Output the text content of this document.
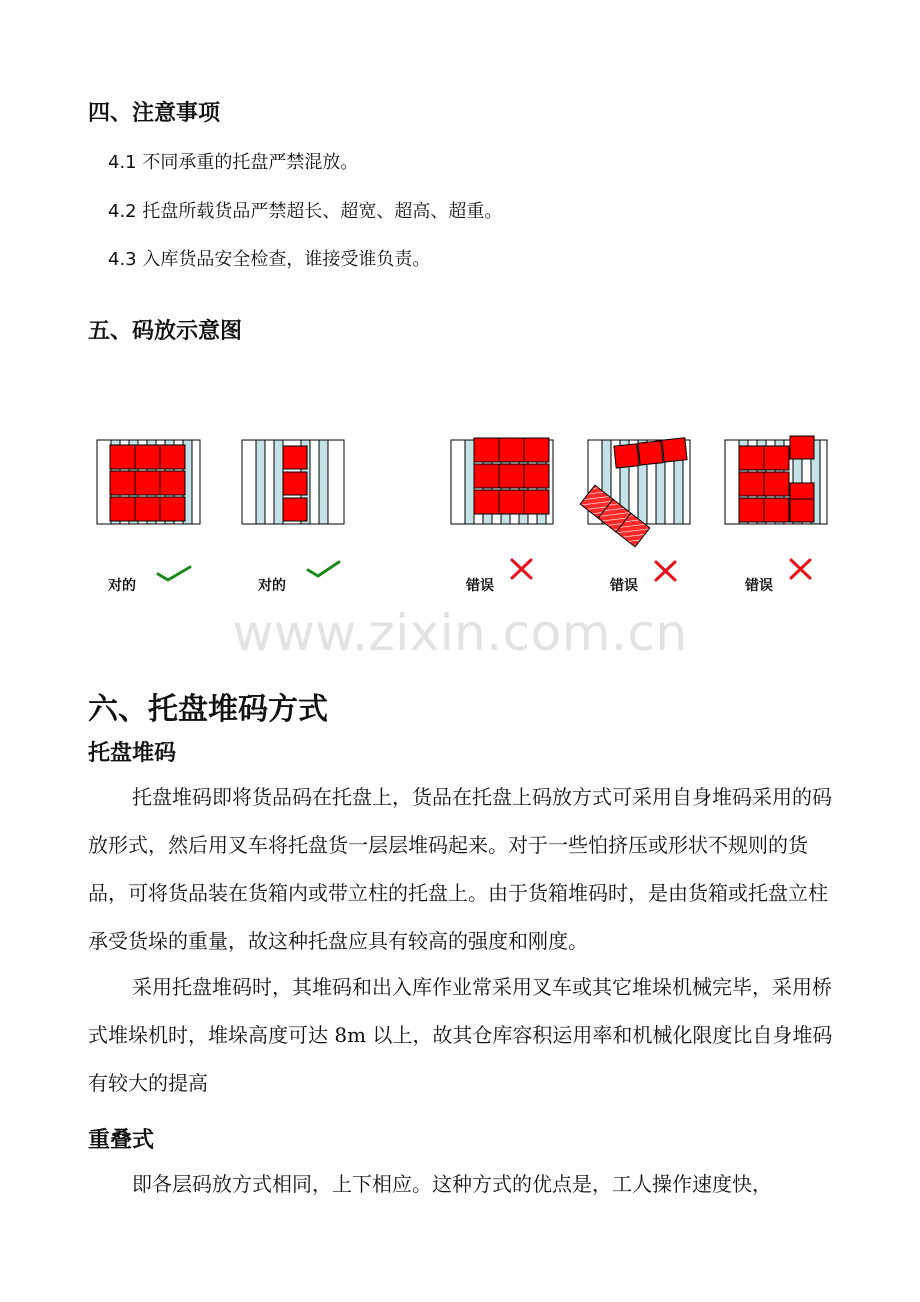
四、注意事项
4.1 不同承重的托盘严禁混放。
4.2 托盘所载货品严禁超长、超宽、超高、超重。
4.3 入库货品安全检查，谁接受谁负责。
五、码放示意图
对的	对的	错误	错误	错误
www.zixin.com.cn
六、托盘堆码方式
托盘堆码

托盘堆码即将货品码在托盘上，货品在托盘上码放方式可采用自身堆码采用的码放形式，然后用叉车将托盘货一层层堆码起来。对于一些怕挤压或形状不规则的货品，可将货品装在货箱内或带立柱的托盘上。由于货箱堆码时，是由货箱或托盘立柱承受货垛的重量，故这种托盘应具有较高的强度和刚度。

采用托盘堆码时，其堆码和出入库作业常采用叉车或其它堆垛机械完毕，采用桥式堆垛机时，堆垛高度可达 8m 以上，故其仓库容积运用率和机械化限度比自身堆码有较大的提高

重叠式

即各层码放方式相同，上下相应。这种方式的优点是，工人操作速度快，
